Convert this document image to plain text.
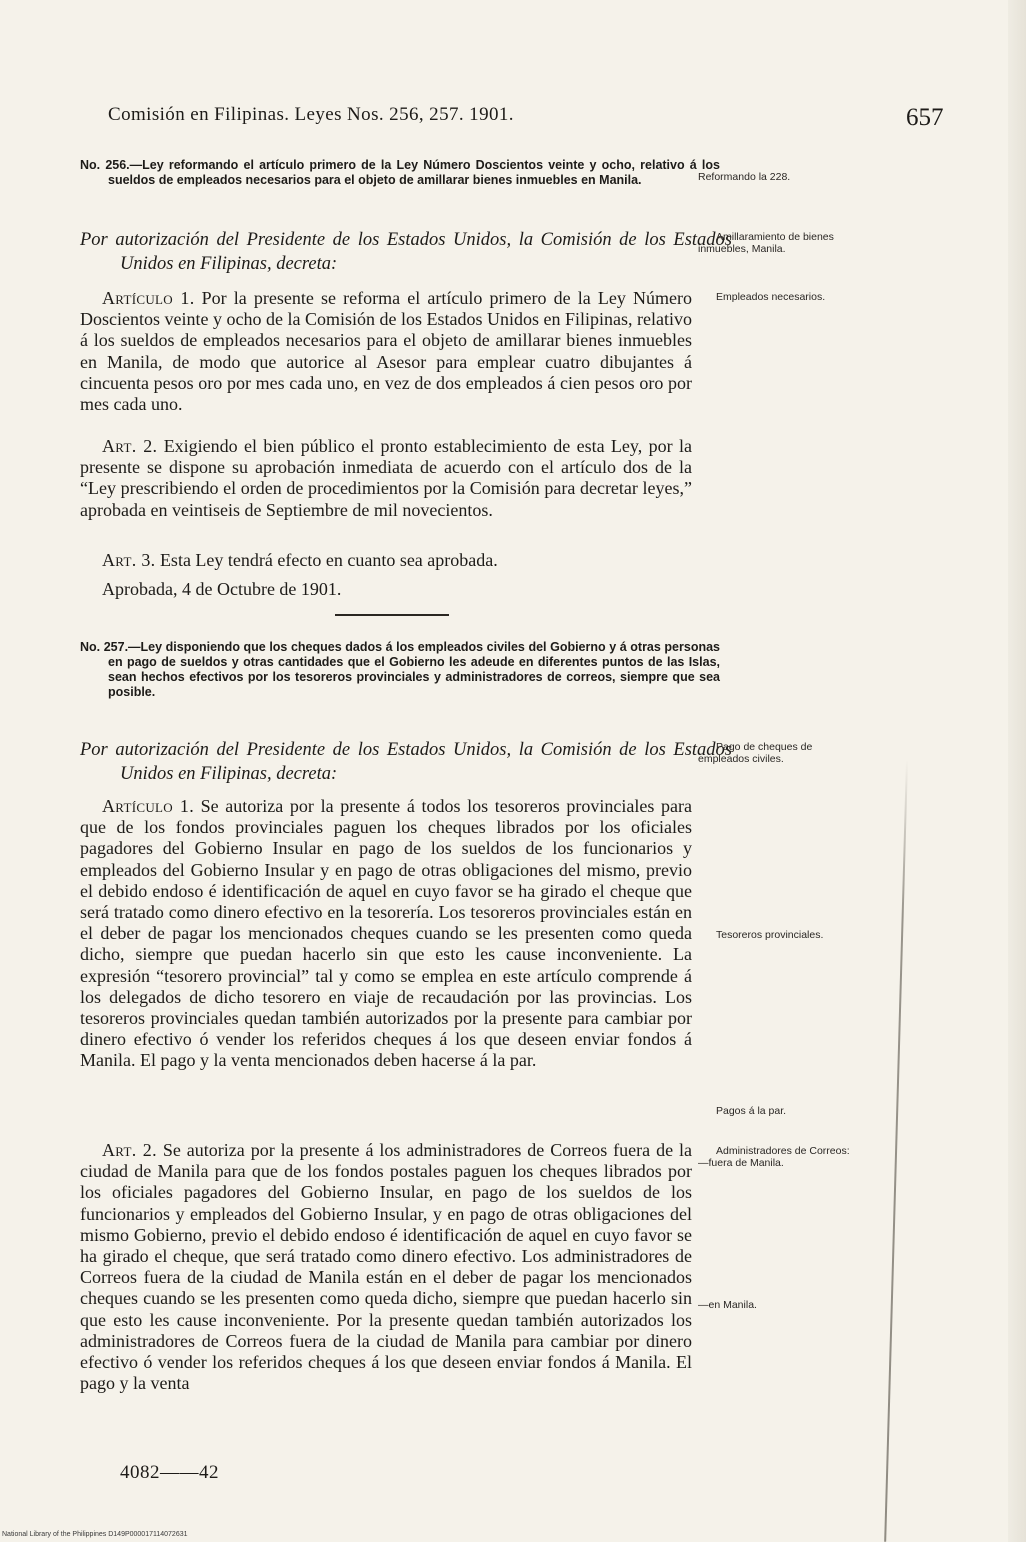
Comisión en Filipinas. Leyes Nos. 256, 257. 1901.	657

No. 256.—Ley reformando el artículo primero de la Ley Número Doscientos veinte y ocho, relativo á los sueldos de empleados necesarios para el objeto de amillarar bienes inmuebles en Manila.

Por autorización del Presidente de los Estados Unidos, la Comisión de los Estados Unidos en Filipinas, decreta:

Artículo 1. Por la presente se reforma el artículo primero de la Ley Número Doscientos veinte y ocho de la Comisión de los Estados Unidos en Filipinas, relativo á los sueldos de empleados necesarios para el objeto de amillarar bienes inmuebles en Manila, de modo que autorice al Asesor para emplear cuatro dibujantes á cincuenta pesos oro por mes cada uno, en vez de dos empleados á cien pesos oro por mes cada uno.

Art. 2. Exigiendo el bien público el pronto establecimiento de esta Ley, por la presente se dispone su aprobación inmediata de acuerdo con el artículo dos de la “Ley prescribiendo el orden de procedimientos por la Comisión para decretar leyes,” aprobada en veintiseis de Septiembre de mil novecientos.

Art. 3. Esta Ley tendrá efecto en cuanto sea aprobada.

Aprobada, 4 de Octubre de 1901.

No. 257.—Ley disponiendo que los cheques dados á los empleados civiles del Gobierno y á otras personas en pago de sueldos y otras cantidades que el Gobierno les adeude en diferentes puntos de las Islas, sean hechos efectivos por los tesoreros provinciales y administradores de correos, siempre que sea posible.

Por autorización del Presidente de los Estados Unidos, la Comisión de los Estados Unidos en Filipinas, decreta:

Artículo 1. Se autoriza por la presente á todos los tesoreros provinciales para que de los fondos provinciales paguen los cheques librados por los oficiales pagadores del Gobierno Insular en pago de los sueldos de los funcionarios y empleados del Gobierno Insular y en pago de otras obligaciones del mismo, previo el debido endoso é identificación de aquel en cuyo favor se ha girado el cheque que será tratado como dinero efectivo en la tesorería. Los tesoreros provinciales están en el deber de pagar los mencionados cheques cuando se les presenten como queda dicho, siempre que puedan hacerlo sin que esto les cause inconveniente. La expresión “tesorero provincial” tal y como se emplea en este artículo comprende á los delegados de dicho tesorero en viaje de recaudación por las provincias. Los tesoreros provinciales quedan también autorizados por la presente para cambiar por dinero efectivo ó vender los referidos cheques á los que deseen enviar fondos á Manila. El pago y la venta mencionados deben hacerse á la par.

Art. 2. Se autoriza por la presente á los administradores de Correos fuera de la ciudad de Manila para que de los fondos postales paguen los cheques librados por los oficiales pagadores del Gobierno Insular, en pago de los sueldos de los funcionarios y empleados del Gobierno Insular, y en pago de otras obligaciones del mismo Gobierno, previo el debido endoso é identificación de aquel en cuyo favor se ha girado el cheque, que será tratado como dinero efectivo. Los administradores de Correos fuera de la ciudad de Manila están en el deber de pagar los mencionados cheques cuando se les presenten como queda dicho, siempre que puedan hacerlo sin que esto les cause inconveniente. Por la presente quedan también autorizados los administradores de Correos fuera de la ciudad de Manila para cambiar por dinero efectivo ó vender los referidos cheques á los que deseen enviar fondos á Manila. El pago y la venta

Reformando la 228.
Amillaramiento de bienes inmuebles, Manila.
Empleados necesarios.
Pago de cheques de empleados civiles.
Tesoreros provinciales.
Pagos á la par.
Administradores de Correos: —fuera de Manila.
—en Manila.
4082——42
National Library of the Philippines D149P000017114072631
